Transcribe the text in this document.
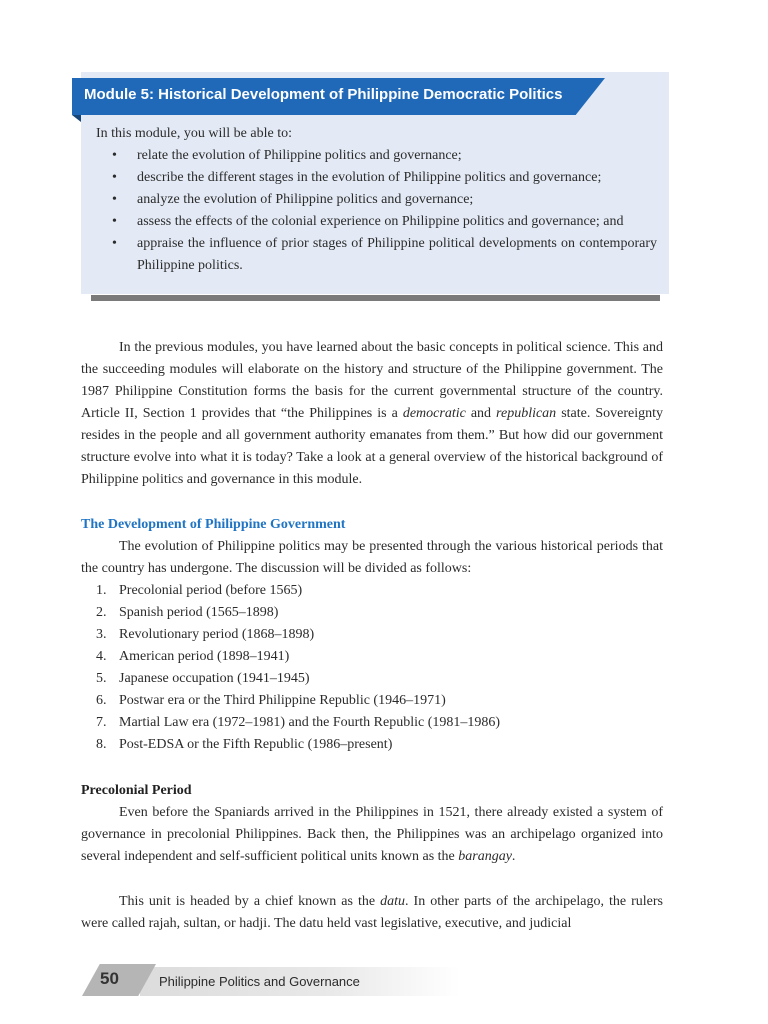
Module 5: Historical Development of Philippine Democratic Politics
In this module, you will be able to:
• relate the evolution of Philippine politics and governance;
• describe the different stages in the evolution of Philippine politics and governance;
• analyze the evolution of Philippine politics and governance;
• assess the effects of the colonial experience on Philippine politics and governance; and
• appraise the influence of prior stages of Philippine political developments on contemporary Philippine politics.

In the previous modules, you have learned about the basic concepts in political science. This and the succeeding modules will elaborate on the history and structure of the Philippine government. The 1987 Philippine Constitution forms the basis for the current governmental structure of the country. Article II, Section 1 provides that “the Philippines is a democratic and republican state. Sovereignty resides in the people and all government authority emanates from them.” But how did our government structure evolve into what it is today? Take a look at a general overview of the historical background of Philippine politics and governance in this module.

The Development of Philippine Government

The evolution of Philippine politics may be presented through the various historical periods that the country has undergone. The discussion will be divided as follows:

1. Precolonial period (before 1565)
2. Spanish period (1565–1898)
3. Revolutionary period (1868–1898)
4. American period (1898–1941)
5. Japanese occupation (1941–1945)
6. Postwar era or the Third Philippine Republic (1946–1971)
7. Martial Law era (1972–1981) and the Fourth Republic (1981–1986)
8. Post-EDSA or the Fifth Republic (1986–present)
Precolonial Period

Even before the Spaniards arrived in the Philippines in 1521, there already existed a system of governance in precolonial Philippines. Back then, the Philippines was an archipelago organized into several independent and self-sufficient political units known as the barangay.

This unit is headed by a chief known as the datu. In other parts of the archipelago, the rulers were called rajah, sultan, or hadji. The datu held vast legislative, executive, and judicial

50	Philippine Politics and Governance
